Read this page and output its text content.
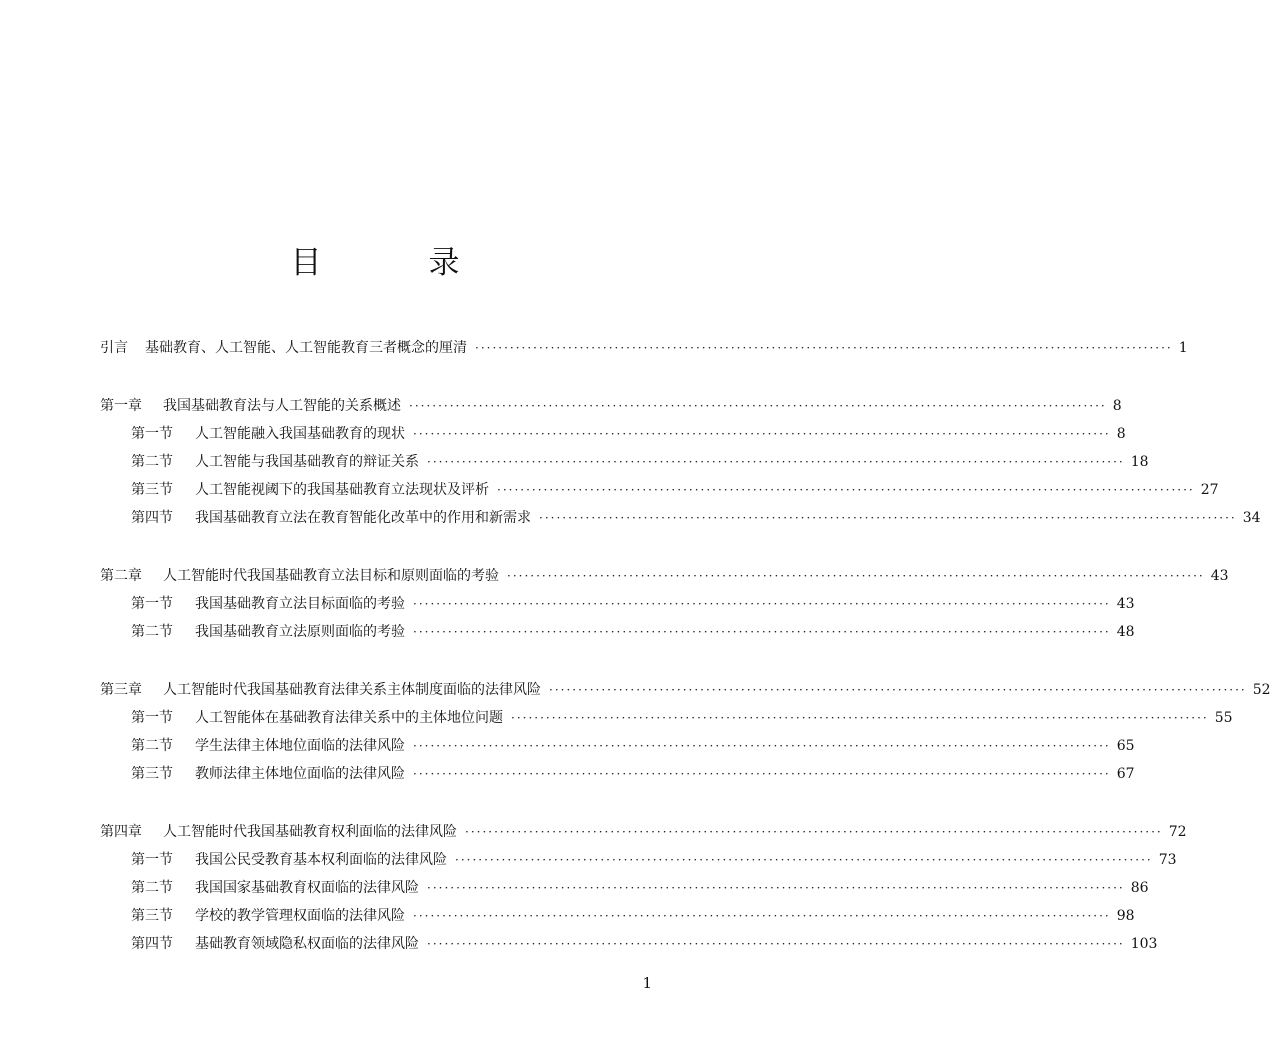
目　录
引言	基础教育、人工智能、人工智能教育三者概念的厘清 ························································································································ 1
第一章	我国基础教育法与人工智能的关系概述 ························································································································ 8
第一节	人工智能融入我国基础教育的现状 ························································································································ 8
第二节	人工智能与我国基础教育的辩证关系 ························································································································ 18
第三节	人工智能视阈下的我国基础教育立法现状及评析 ························································································································ 27
第四节	我国基础教育立法在教育智能化改革中的作用和新需求 ························································································································ 34
第二章	人工智能时代我国基础教育立法目标和原则面临的考验 ························································································································ 43
第一节	我国基础教育立法目标面临的考验 ························································································································ 43
第二节	我国基础教育立法原则面临的考验 ························································································································ 48
第三章	人工智能时代我国基础教育法律关系主体制度面临的法律风险 ························································································································ 52
第一节	人工智能体在基础教育法律关系中的主体地位问题 ························································································································ 55
第二节	学生法律主体地位面临的法律风险 ························································································································ 65
第三节	教师法律主体地位面临的法律风险 ························································································································ 67
第四章	人工智能时代我国基础教育权利面临的法律风险 ························································································································ 72
第一节	我国公民受教育基本权利面临的法律风险 ························································································································ 73
第二节	我国国家基础教育权面临的法律风险 ························································································································ 86
第三节	学校的教学管理权面临的法律风险 ························································································································ 98
第四节	基础教育领域隐私权面临的法律风险 ························································································································ 103
1
